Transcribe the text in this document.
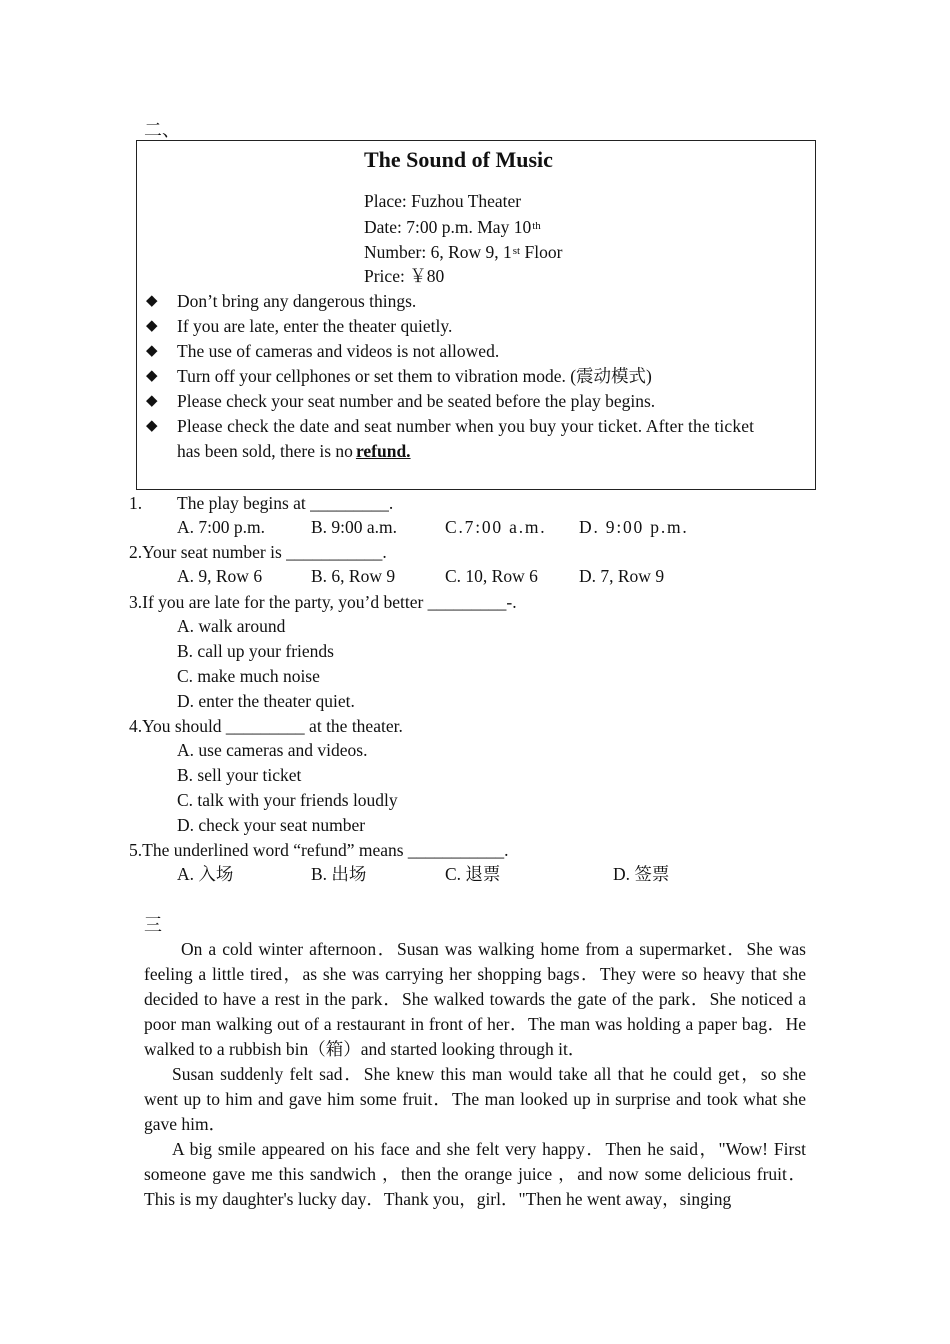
二、
The Sound of Music
Place: Fuzhou Theater
Date: 7:00 p.m. May 10th
Number: 6, Row 9, 1st Floor
Price: ￥80
◆ Don’t bring any dangerous things.
◆ If you are late, enter the theater quietly.
◆ The use of cameras and videos is not allowed.
◆ Turn off your cellphones or set them to vibration mode. (震动模式)
◆ Please check your seat number and be seated before the play begins.
◆ Please check the date and seat number when you buy your ticket. After the ticket
has been sold, there is no refund.
1. The play begins at _________.
A. 7:00 p.m.	B. 9:00 a.m.	C.7:00 a.m. D. 9:00 p.m.
2.Your seat number is ___________.
A. 9, Row 6	B. 6, Row 9	C. 10, Row 6 D. 7, Row 9
3.If you are late for the party, you’d better _________-.
A. walk around
B. call up your friends
C. make much noise
D. enter the theater quiet.
4.You should _________ at the theater.
A. use cameras and videos.
B. sell your ticket
C. talk with your friends loudly
D. check your seat number
5.The underlined word “refund” means ___________.
A. 入场	B. 出场	C. 退票	D. 签票
三

On a cold winter afternoon．Susan was walking home from a supermarket．She was feeling a little tired，as she was carrying her shopping bags．They were so heavy that she decided to have a rest in the park．She walked towards the gate of the park．She noticed a poor man walking out of a restaurant in front of her．The man was holding a paper bag．He walked to a rubbish bin（箱）and started looking through it．

Susan suddenly felt sad．She knew this man would take all that he could get，so she went up to him and gave him some fruit．The man looked up in surprise and took what she gave him．

A big smile appeared on his face and she felt very happy．Then he said，"Wow! First someone gave me this sandwich ，then the orange juice ，and now some delicious fruit．This is my daughter's lucky day．Thank you，girl．"Then he went away，singing
